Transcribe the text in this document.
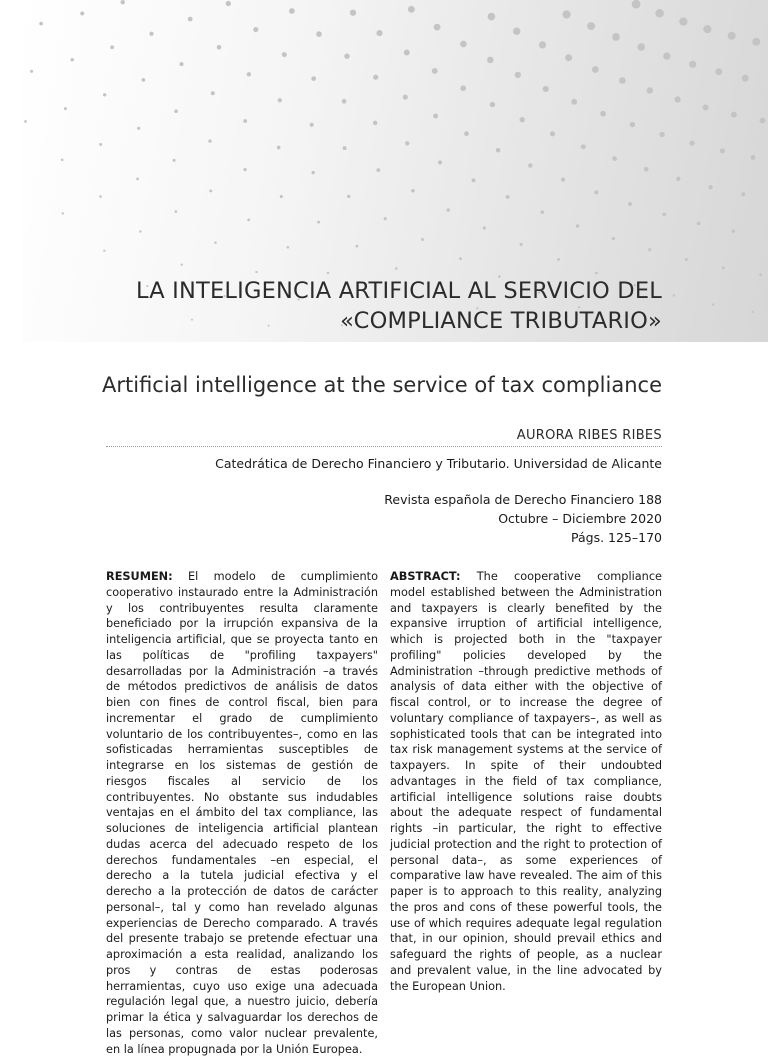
LA INTELIGENCIA ARTIFICIAL AL SERVICIO DEL
«COMPLIANCE TRIBUTARIO»
Artificial intelligence at the service of tax compliance

AURORA RIBES RIBES

Catedrática de Derecho Financiero y Tributario. Universidad de Alicante

Revista española de Derecho Financiero 188
Octubre – Diciembre 2020
Págs. 125–170

RESUMEN: El modelo de cumplimiento cooperativo instaurado entre la Administración y los contribuyentes resulta claramente beneficiado por la irrupción expansiva de la inteligencia artificial, que se proyecta tanto en las políticas de "profiling taxpayers" desarrolladas por la Administración –a través de métodos predictivos de análisis de datos bien con fines de control fiscal, bien para incrementar el grado de cumplimiento voluntario de los contribuyentes–, como en las sofisticadas herramientas susceptibles de integrarse en los sistemas de gestión de riesgos fiscales al servicio de los contribuyentes. No obstante sus indudables ventajas en el ámbito del tax compliance, las soluciones de inteligencia artificial plantean dudas acerca del adecuado respeto de los derechos fundamentales –en especial, el derecho a la tutela judicial efectiva y el derecho a la protección de datos de carácter personal–, tal y como han revelado algunas experiencias de Derecho comparado. A través del presente trabajo se pretende efectuar una aproximación a esta realidad, analizando los pros y contras de estas poderosas herramientas, cuyo uso exige una adecuada regulación legal que, a nuestro juicio, debería primar la ética y salvaguardar los derechos de las personas, como valor nuclear prevalente, en la línea propugnada por la Unión Europea.

ABSTRACT: The cooperative compliance model established between the Administration and taxpayers is clearly benefited by the expansive irruption of artificial intelligence, which is projected both in the "taxpayer profiling" policies developed by the Administration –through predictive methods of analysis of data either with the objective of fiscal control, or to increase the degree of voluntary compliance of taxpayers–, as well as sophisticated tools that can be integrated into tax risk management systems at the service of taxpayers. In spite of their undoubted advantages in the field of tax compliance, artificial intelligence solutions raise doubts about the adequate respect of fundamental rights –in particular, the right to effective judicial protection and the right to protection of personal data–, as some experiences of comparative law have revealed. The aim of this paper is to approach to this reality, analyzing the pros and cons of these powerful tools, the use of which requires adequate legal regulation that, in our opinion, should prevail ethics and safeguard the rights of people, as a nuclear and prevalent value, in the line advocated by the European Union.
